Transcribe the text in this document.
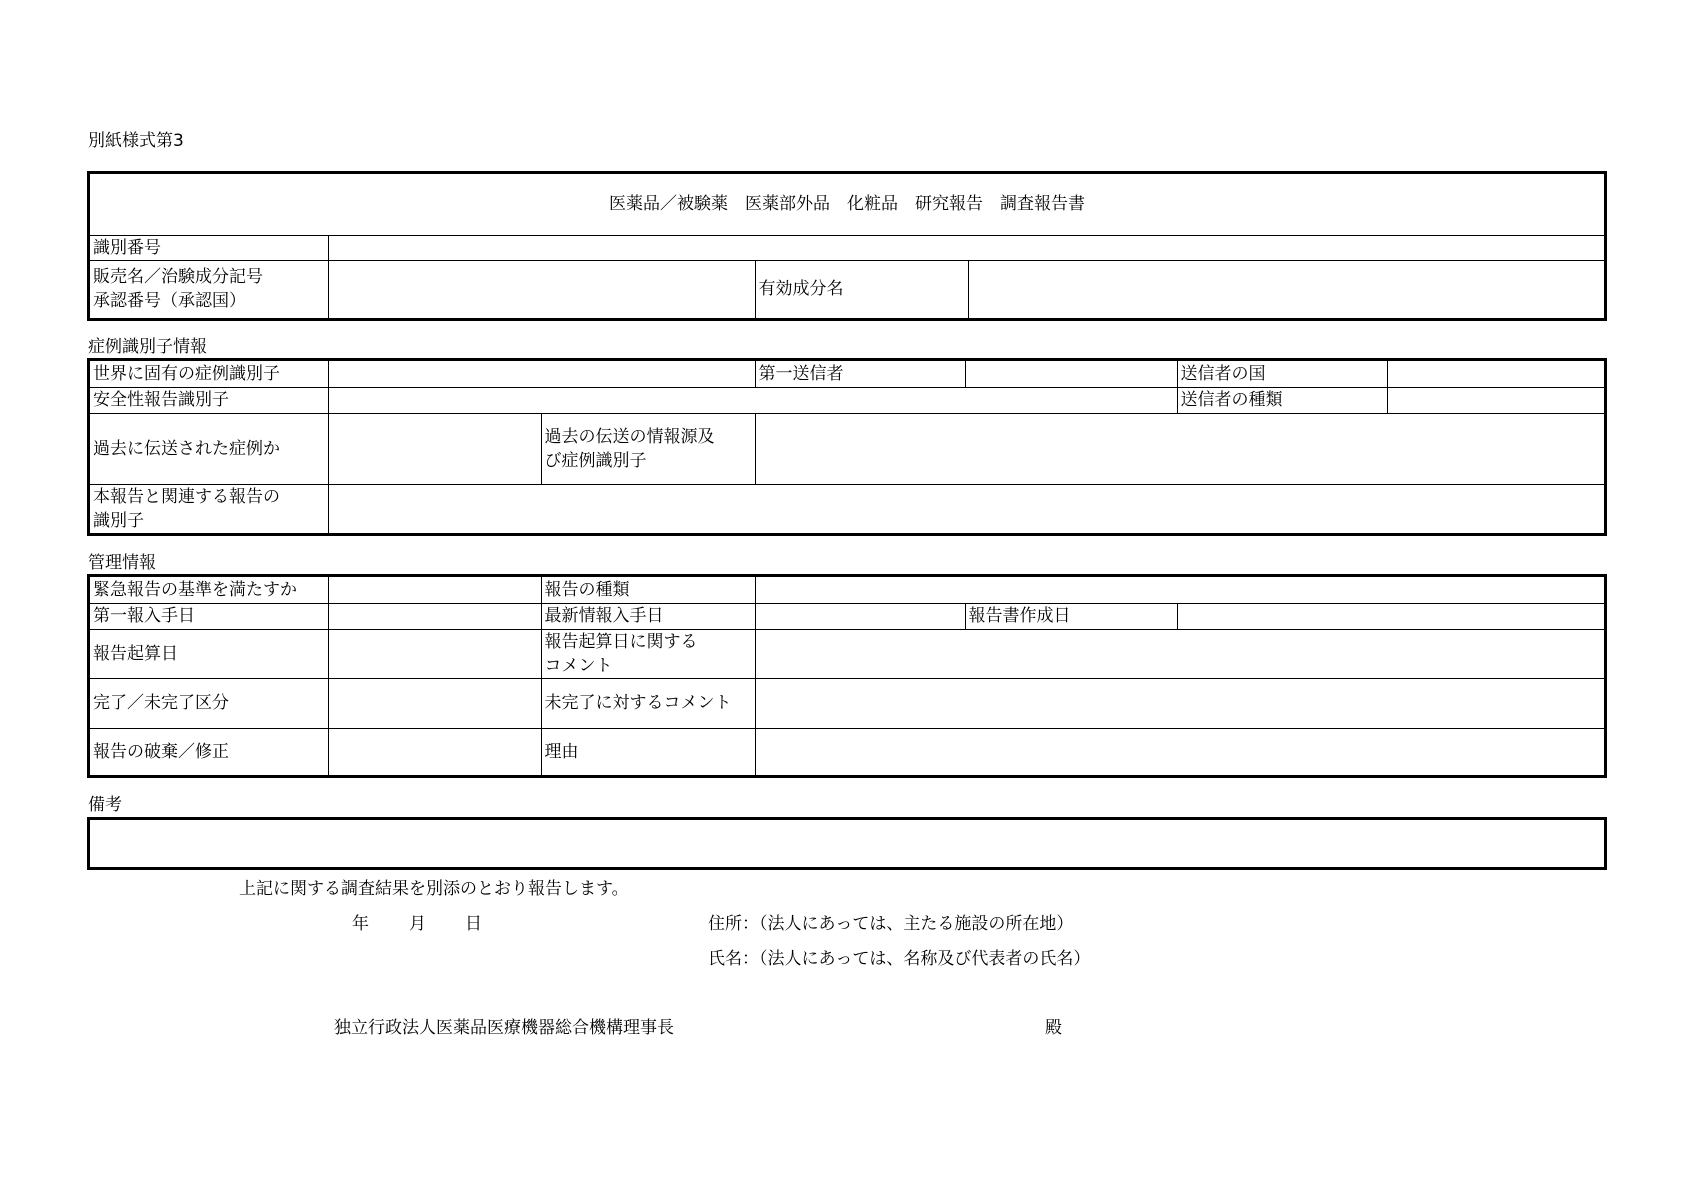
別紙様式第3
医薬品／被験薬　医薬部外品　化粧品　研究報告　調査報告書			
識別番号			

販売名／治験成分記号
承認番号（承認国）		有効成分名	
症例識別子情報
世界に固有の症例識別子			第一送信者		送信者の国	
安全性報告識別子					送信者の種類	
過去に伝送された症例か		過去の伝送の情報源及
び症例識別子				

本報告と関連する報告の
識別子						

管理情報
緊急報告の基準を満たすか		報告の種類			
第一報入手日		最新情報入手日		報告書作成日	
報告起算日		報告起算日に関する
コメント			

完了／未完了区分		未完了に対するコメント			
報告の破棄／修正		理由			
備考
上記に関する調査結果を別添のとおり報告します。
年 月 日	住所：（法人にあっては、主たる施設の所在地）
氏名：（法人にあっては、名称及び代表者の氏名）
独立行政法人医薬品医療機器総合機構理事長	殿
